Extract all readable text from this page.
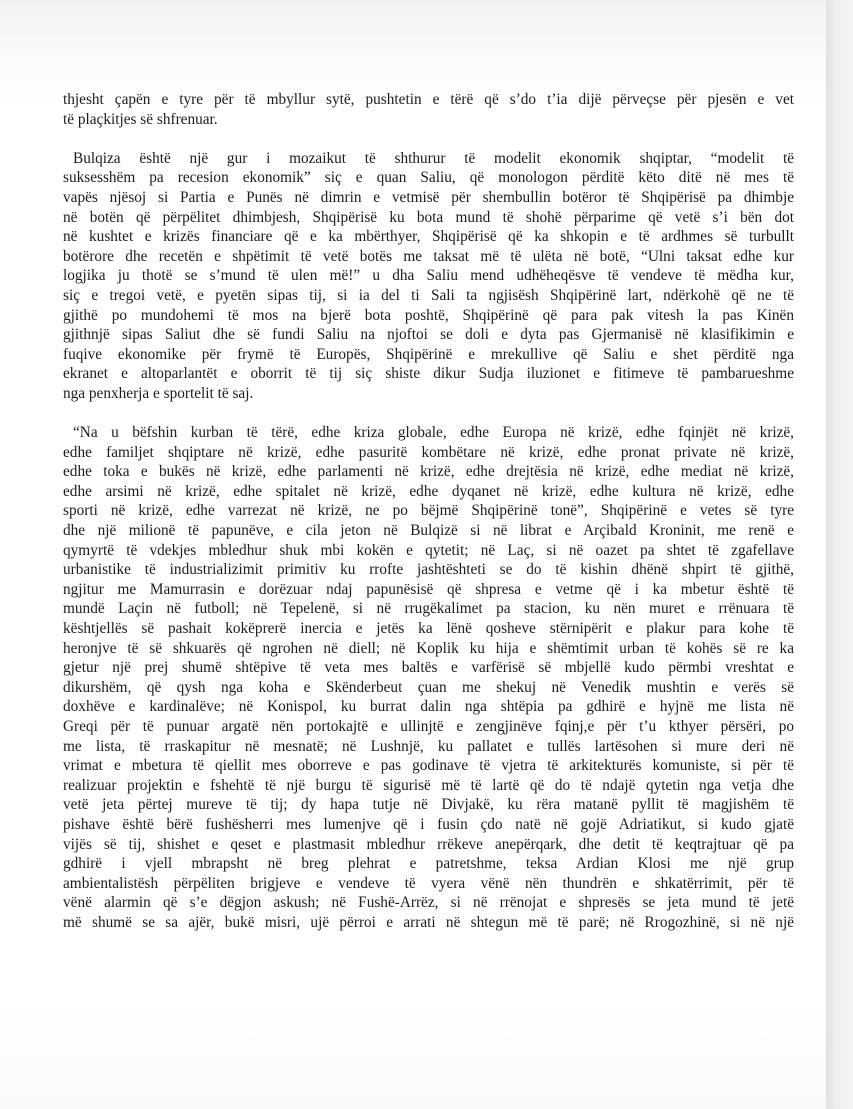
thjesht çapën e tyre për të mbyllur sytë, pushtetin e tërë që s’do t’ia dijë përveçse për pjesën e vet
të plaçkitjes së shfrenuar.

Bulqiza është një gur i mozaikut të shthurur të modelit ekonomik shqiptar, “modelit të
suksesshëm pa recesion ekonomik” siç e quan Saliu, që monologon përditë këto ditë në mes të
vapës njësoj si Partia e Punës në dimrin e vetmisë për shembullin botëror të Shqipërisë pa dhimbje
në botën që përpëlitet dhimbjesh, Shqipërisë ku bota mund të shohë përparime që vetë s’i bën dot
në kushtet e krizës financiare që e ka mbërthyer, Shqipërisë që ka shkopin e të ardhmes së turbullt
botërore dhe recetën e shpëtimit të vetë botës me taksat më të ulëta në botë, “Ulni taksat edhe kur
logjika ju thotë se s’mund të ulen më!” u dha Saliu mend udhëheqësve të vendeve të mëdha kur,
siç e tregoi vetë, e pyetën sipas tij, si ia del ti Sali ta ngjisësh Shqipërinë lart, ndërkohë që ne të
gjithë po mundohemi të mos na bjerë bota poshtë, Shqipërinë që para pak vitesh la pas Kinën
gjithnjë sipas Saliut dhe së fundi Saliu na njoftoi se doli e dyta pas Gjermanisë në klasifikimin e
fuqive ekonomike për frymë të Europës, Shqipërinë e mrekullive që Saliu e shet përditë nga
ekranet e altoparlantët e oborrit të tij siç shiste dikur Sudja iluzionet e fitimeve të pambarueshme
nga penxherja e sportelit të saj.

“Na u bëfshin kurban të tërë, edhe kriza globale, edhe Europa në krizë, edhe fqinjët në krizë,
edhe familjet shqiptare në krizë, edhe pasuritë kombëtare në krizë, edhe pronat private në krizë,
edhe toka e bukës në krizë, edhe parlamenti në krizë, edhe drejtësia në krizë, edhe mediat në krizë,
edhe arsimi në krizë, edhe spitalet në krizë, edhe dyqanet në krizë, edhe kultura në krizë, edhe
sporti në krizë, edhe varrezat në krizë, ne po bëjmë Shqipërinë tonë”, Shqipërinë e vetes së tyre
dhe një milionë të papunëve, e cila jeton në Bulqizë si në librat e Arçibald Kroninit, me renë e
qymyrtë të vdekjes mbledhur shuk mbi kokën e qytetit; në Laç, si në oazet pa shtet të zgafellave
urbanistike të industrializimit primitiv ku rrofte jashtështeti se do të kishin dhënë shpirt të gjithë,
ngjitur me Mamurrasin e dorëzuar ndaj papunësisë që shpresa e vetme që i ka mbetur është të
mundë Laçin në futboll; në Tepelenë, si në rrugëkalimet pa stacion, ku nën muret e rrënuara të
kështjellës së pashait kokëprerë inercia e jetës ka lënë qosheve stërnipërit e plakur para kohe të
heronjve të së shkuarës që ngrohen në diell; në Koplik ku hija e shëmtimit urban të kohës së re ka
gjetur një prej shumë shtëpive të veta mes baltës e varfërisë së mbjellë kudo përmbi vreshtat e
dikurshëm, që qysh nga koha e Skënderbeut çuan me shekuj në Venedik mushtin e verës së
doxhëve e kardinalëve; në Konispol, ku burrat dalin nga shtëpia pa gdhirë e hyjnë me lista në
Greqi për të punuar argatë nën portokajtë e ullinjtë e zengjinëve fqinj,e për t’u kthyer përsëri, po
me lista, të rraskapitur në mesnatë; në Lushnjë, ku pallatet e tullës lartësohen si mure deri në
vrimat e mbetura të qiellit mes oborreve e pas godinave të vjetra të arkitekturës komuniste, si për të
realizuar projektin e fshehtë të një burgu të sigurisë më të lartë që do të ndajë qytetin nga vetja dhe
vetë jeta përtej mureve të tij; dy hapa tutje në Divjakë, ku rëra matanë pyllit të magjishëm të
pishave është bërë fushësherri mes lumenjve që i fusin çdo natë në gojë Adriatikut, si kudo gjatë
vijës së tij, shishet e qeset e plastmasit mbledhur rrëkeve anepërqark, dhe detit të keqtrajtuar që pa
gdhirë i vjell mbrapsht në breg plehrat e patretshme, teksa Ardian Klosi me një grup
ambientalistësh përpëliten brigjeve e vendeve të vyera vënë nën thundrën e shkatërrimit, për të
vënë alarmin që s’e dëgjon askush; në Fushë-Arrëz, si në rrënojat e shpresës se jeta mund të jetë
më shumë se sa ajër, bukë misri, ujë përroi e arrati në shtegun më të parë; në Rrogozhinë, si në një
